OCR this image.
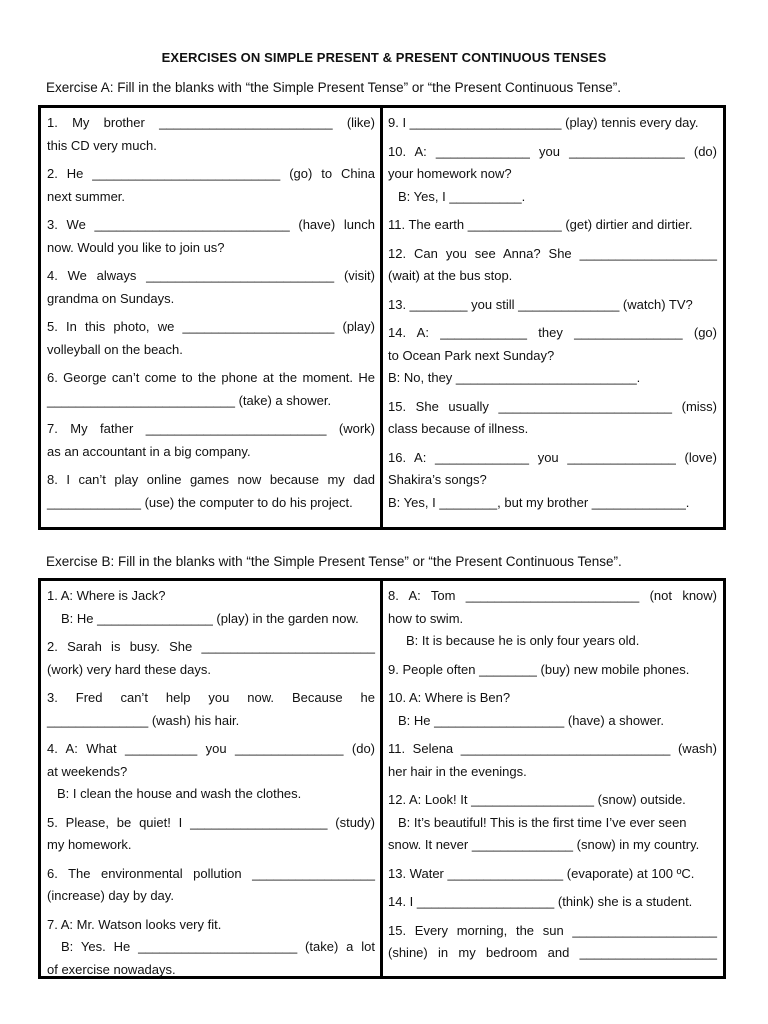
EXERCISES ON SIMPLE PRESENT & PRESENT CONTINUOUS TENSES
Exercise A: Fill in the blanks with “the Simple Present Tense” or “the Present Continuous Tense”.
1. My brother ________________________ (like)
this CD very much.
2. He __________________________ (go) to China
next summer.
3. We ___________________________ (have) lunch
now. Would you like to join us?
4. We always __________________________ (visit)
grandma on Sundays.
5. In this photo, we _____________________ (play)
volleyball on the beach.
6. George can’t come to the phone at the moment. He
__________________________ (take) a shower.
7. My father _________________________ (work)
as an accountant in a big company.
8. I can’t play online games now because my dad
_____________ (use) the computer to do his project.
9. I _____________________ (play) tennis every day.
10. A: _____________ you ________________ (do)
your homework now?
B: Yes, I __________.
11. The earth _____________ (get) dirtier and dirtier.
12. Can you see Anna? She ___________________
(wait) at the bus stop.
13. ________ you still ______________ (watch) TV?
14. A: ____________ they _______________ (go)
to Ocean Park next Sunday?
B: No, they _________________________.
15. She usually ________________________ (miss)
class because of illness.
16. A: _____________ you _______________ (love)
Shakira’s songs?
B: Yes, I ________, but my brother _____________.
Exercise B: Fill in the blanks with “the Simple Present Tense” or “the Present Continuous Tense”.
1. A: Where is Jack?
B: He ________________ (play) in the garden now.
2. Sarah is busy. She ________________________
(work) very hard these days.
3. Fred can’t help you now. Because he
______________ (wash) his hair.
4. A: What __________ you _______________ (do)
at weekends?
B: I clean the house and wash the clothes.
5. Please, be quiet! I ___________________ (study)
my homework.
6. The environmental pollution _________________
(increase) day by day.
7. A: Mr. Watson looks very fit.
B: Yes. He ______________________ (take) a lot
of exercise nowadays.
8. A: Tom ________________________ (not know)
how to swim.
B: It is because he is only four years old.
9. People often ________ (buy) new mobile phones.
10. A: Where is Ben?
B: He __________________ (have) a shower.
11. Selena _____________________________ (wash)
her hair in the evenings.
12. A: Look! It _________________ (snow) outside.
B: It’s beautiful! This is the first time I’ve ever seen
snow. It never ______________ (snow) in my country.
13. Water ________________ (evaporate) at 100 ºC.
14. I ___________________ (think) she is a student.
15. Every morning, the sun ____________________
(shine) in my bedroom and ___________________
